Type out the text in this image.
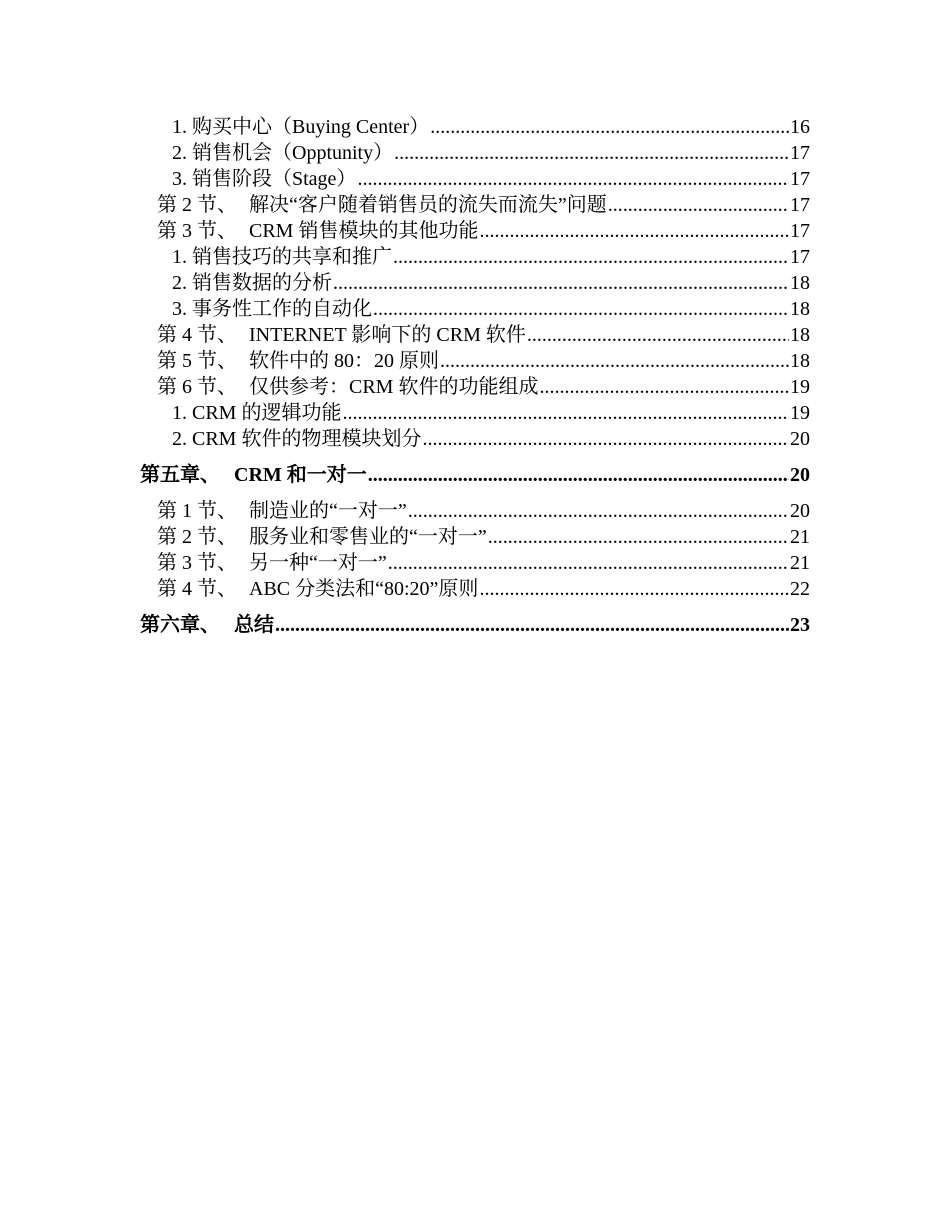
1. 购买中心（Buying Center） .....	16
2. 销售机会（Opptunity） .....	17
3. 销售阶段（Stage） .....	17
第 2 节、 解决“客户随着销售员的流失而流失”问题 .....	17
第 3 节、 CRM 销售模块的其他功能 .....	17
1. 销售技巧的共享和推广 .....	17
2. 销售数据的分析 .....	18
3. 事务性工作的自动化 .....	18
第 4 节、 INTERNET 影响下的 CRM 软件 .....	18
第 5 节、 软件中的 80：20 原则 .....	18
第 6 节、 仅供参考：CRM 软件的功能组成 .....	19
1. CRM 的逻辑功能 .....	19
2. CRM 软件的物理模块划分 .....	20
第五章、 CRM 和一对一 .....	20
第 1 节、 制造业的“一对一” .....	20
第 2 节、 服务业和零售业的“一对一” .....	21
第 3 节、 另一种“一对一” .....	21
第 4 节、 ABC 分类法和“80:20”原则 .....	22
第六章、 总结 .....	23
